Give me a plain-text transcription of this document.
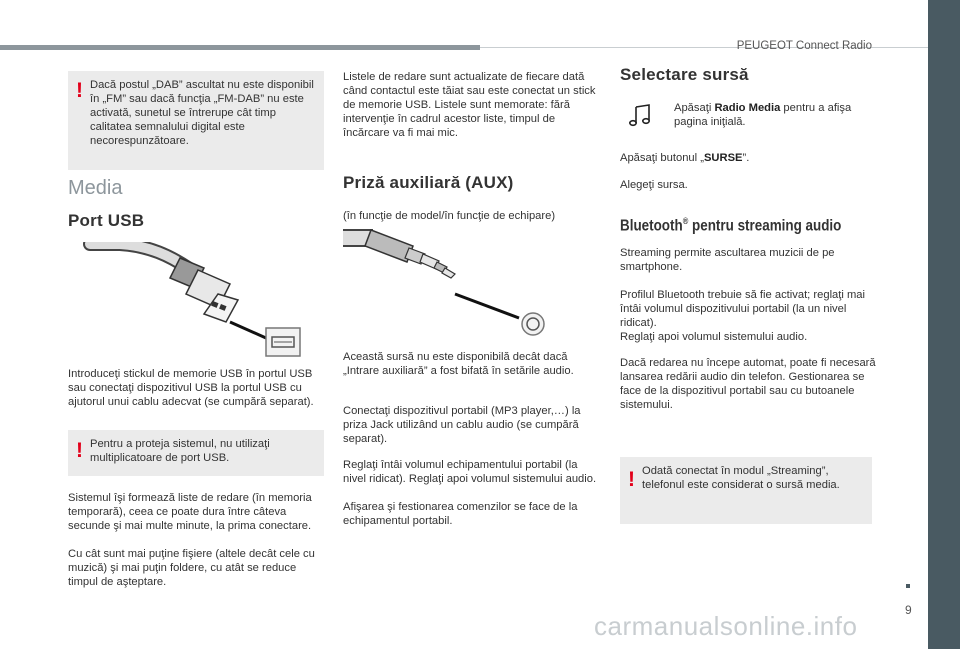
PEUGEOT Connect Radio
! Dacă postul „DAB” ascultat nu este disponibil în „FM” sau dacă funcţia „FM-DAB” nu este activată, sunetul se întrerupe cât timp calitatea semnalului digital este necorespunzătoare.
Media
Port USB
Introduceţi stickul de memorie USB în portul USB sau conectaţi dispozitivul USB la portul USB cu ajutorul unui cablu adecvat (se cumpără separat).
! Pentru a proteja sistemul, nu utilizaţi multiplicatoare de port USB.
Sistemul îşi formează liste de redare (în memoria temporară), ceea ce poate dura între câteva secunde şi mai multe minute, la prima conectare.
Cu cât sunt mai puţine fişiere (altele decât cele cu muzică) şi mai puţin foldere, cu atât se reduce timpul de aşteptare.
Listele de redare sunt actualizate de fiecare dată când contactul este tăiat sau este conectat un stick de memorie USB. Listele sunt memorate: fără intervenţie în cadrul acestor liste, timpul de încărcare va fi mai mic.
Priză auxiliară (AUX)
(în funcţie de model/în funcţie de echipare)
Această sursă nu este disponibilă decât dacă „Intrare auxiliară” a fost bifată în setările audio.
Conectaţi dispozitivul portabil (MP3 player,…) la priza Jack utilizând un cablu audio (se cumpără separat).
Reglaţi întâi volumul echipamentului portabil (la nivel ridicat). Reglaţi apoi volumul sistemului audio.
Afişarea şi festionarea comenzilor se face de la echipamentul portabil.
Selectare sursă
Apăsaţi Radio Media pentru a afişa pagina iniţială.
Apăsaţi butonul „SURSE”.
Alegeţi sursa.
Bluetooth® pentru streaming audio
Streaming permite ascultarea muzicii de pe smartphone.
Profilul Bluetooth trebuie să fie activat; reglaţi mai întâi volumul dispozitivului portabil (la un nivel ridicat).
Reglaţi apoi volumul sistemului audio.
Dacă redarea nu începe automat, poate fi necesară lansarea redării audio din telefon. Gestionarea se face de la dispozitivul portabil sau cu butoanele sistemului.
! Odată conectat în modul „Streaming”, telefonul este considerat o sursă media.
9
carmanualsonline.info
